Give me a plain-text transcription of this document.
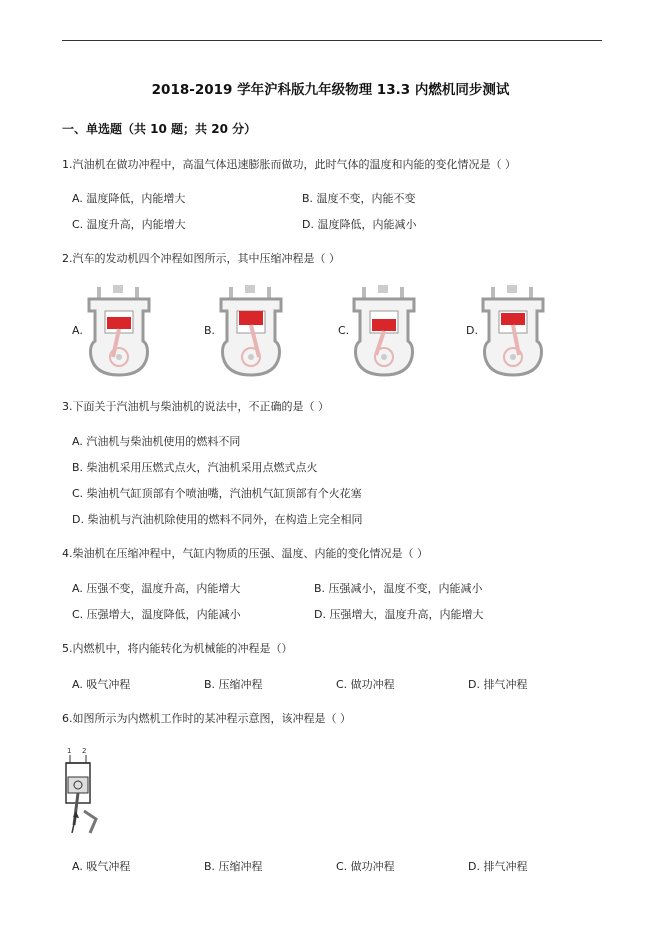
2018-2019 学年沪科版九年级物理 13.3 内燃机同步测试
一、单选题（共 10 题；共 20 分）
1.汽油机在做功冲程中，高温气体迅速膨胀而做功，此时气体的温度和内能的变化情况是（ ）
A. 温度降低，内能增大	B. 温度不变，内能不变
C. 温度升高，内能增大	D. 温度降低，内能减小
2.汽车的发动机四个冲程如图所示，其中压缩冲程是（ ）
A.	B.	C.	D.
3.下面关于汽油机与柴油机的说法中，不正确的是（ ）
A. 汽油机与柴油机使用的燃料不同
B. 柴油机采用压燃式点火，汽油机采用点燃式点火
C. 柴油机气缸顶部有个喷油嘴，汽油机气缸顶部有个火花塞
D. 柴油机与汽油机除使用的燃料不同外，在构造上完全相同
4.柴油机在压缩冲程中，气缸内物质的压强、温度、内能的变化情况是（ ）
A. 压强不变，温度升高，内能增大	B. 压强减小，温度不变，内能减小
C. 压强增大，温度降低，内能减小	D. 压强增大，温度升高，内能增大
5.内燃机中，将内能转化为机械能的冲程是（）
A. 吸气冲程	B. 压缩冲程	C. 做功冲程	D. 排气冲程
6.如图所示为内燃机工作时的某冲程示意图，该冲程是（ ）
1 2
A. 吸气冲程	B. 压缩冲程	C. 做功冲程	D. 排气冲程
